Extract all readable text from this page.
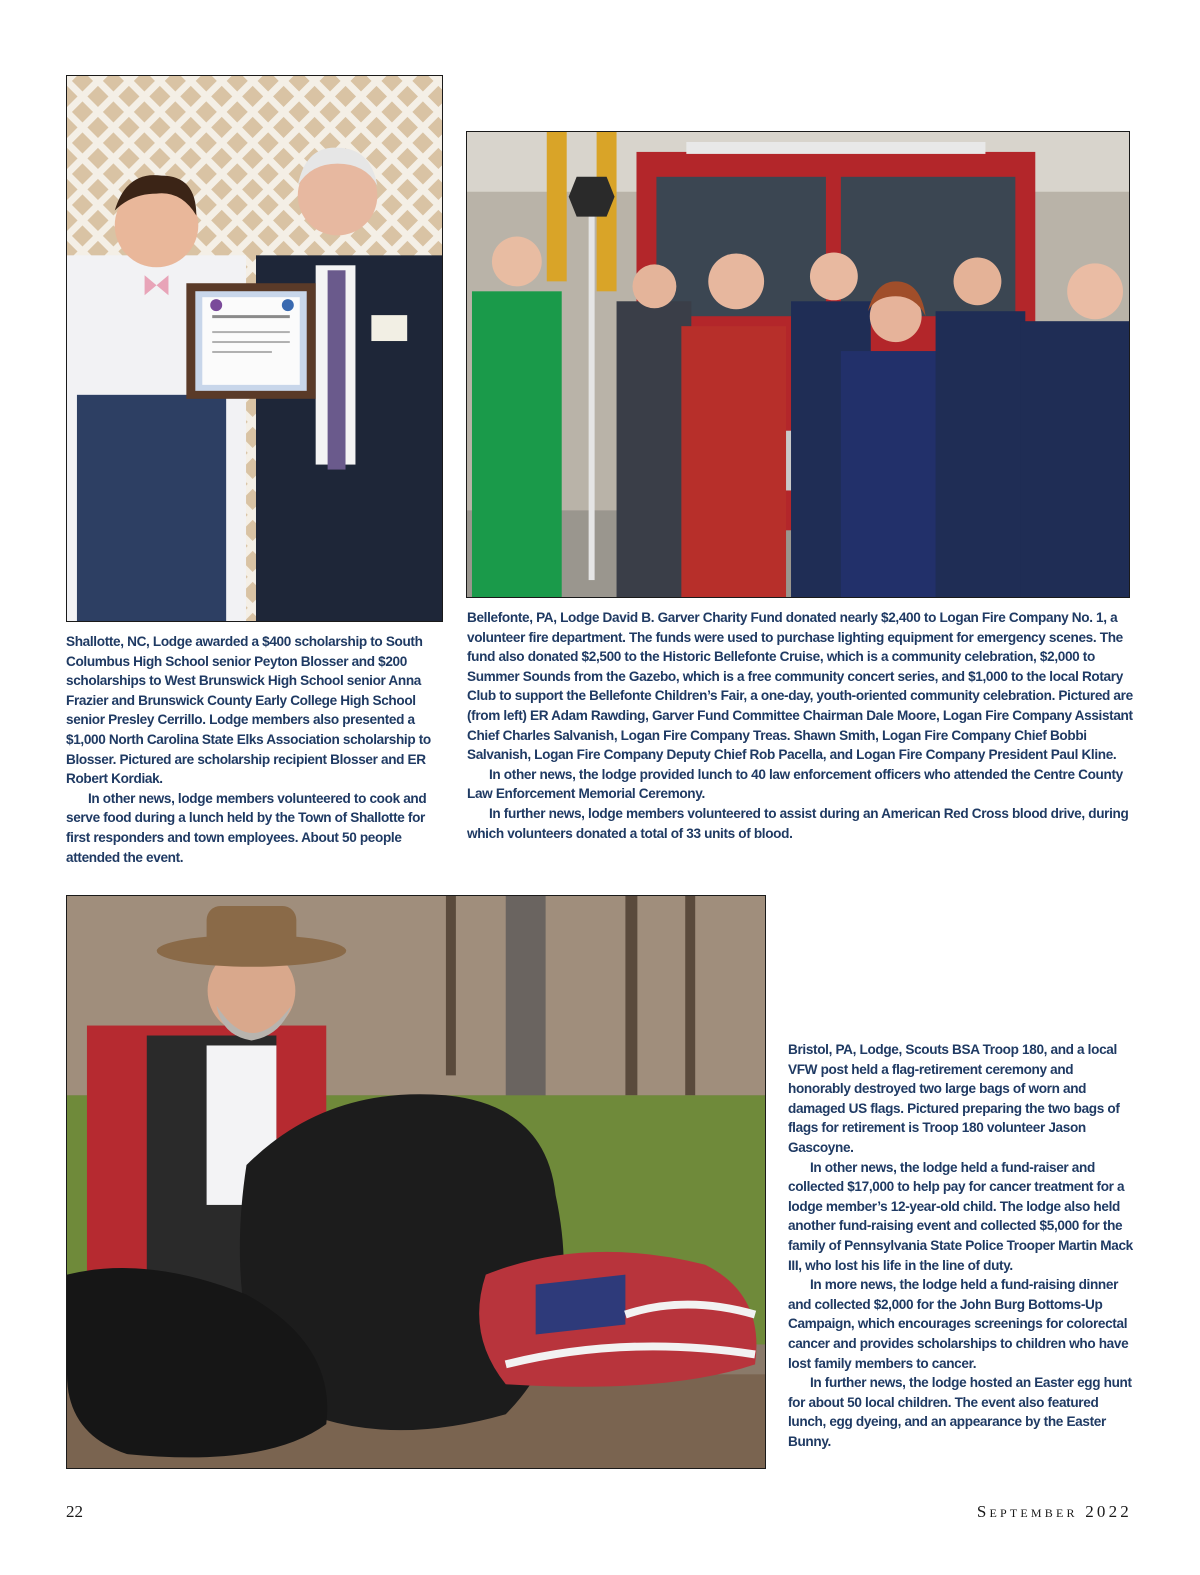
Shallotte, NC, Lodge awarded a $400 scholarship to South Columbus High School senior Peyton Blosser and $200 scholarships to West Brunswick High School senior Anna Frazier and Brunswick County Early College High School senior Presley Cerrillo. Lodge members also presented a $1,000 North Carolina State Elks Association scholarship to Blosser. Pictured are scholarship recipient Blosser and ER Robert Kordiak.

In other news, lodge members volunteered to cook and serve food during a lunch held by the Town of Shallotte for first responders and town employees. About 50 people attended the event.

Bellefonte, PA, Lodge David B. Garver Charity Fund donated nearly $2,400 to Logan Fire Company No. 1, a volunteer fire department. The funds were used to purchase lighting equipment for emergency scenes. The fund also donated $2,500 to the Historic Bellefonte Cruise, which is a community celebration, $2,000 to Summer Sounds from the Gazebo, which is a free community concert series, and $1,000 to the local Rotary Club to support the Bellefonte Children’s Fair, a one-day, youth-oriented community celebration. Pictured are (from left) ER Adam Rawding, Garver Fund Committee Chairman Dale Moore, Logan Fire Company Assistant Chief Charles Salvanish, Logan Fire Company Treas. Shawn Smith, Logan Fire Company Chief Bobbi Salvanish, Logan Fire Company Deputy Chief Rob Pacella, and Logan Fire Company President Paul Kline.

In other news, the lodge provided lunch to 40 law enforcement officers who attended the Centre County Law Enforcement Memorial Ceremony.

In further news, lodge members volunteered to assist during an American Red Cross blood drive, during which volunteers donated a total of 33 units of blood.

Bristol, PA, Lodge, Scouts BSA Troop 180, and a local VFW post held a flag-retirement ceremony and honorably destroyed two large bags of worn and damaged US flags. Pictured preparing the two bags of flags for retirement is Troop 180 volunteer Jason Gascoyne.

In other news, the lodge held a fund-raiser and collected $17,000 to help pay for cancer treatment for a lodge member’s 12-year-old child. The lodge also held another fund-raising event and collected $5,000 for the family of Pennsylvania State Police Trooper Martin Mack III, who lost his life in the line of duty.

In more news, the lodge held a fund-raising dinner and collected $2,000 for the John Burg Bottoms-Up Campaign, which encourages screenings for colorectal cancer and provides scholarships to children who have lost family members to cancer.

In further news, the lodge hosted an Easter egg hunt for about 50 local children. The event also featured lunch, egg dyeing, and an appearance by the Easter Bunny.

22	September 2022
